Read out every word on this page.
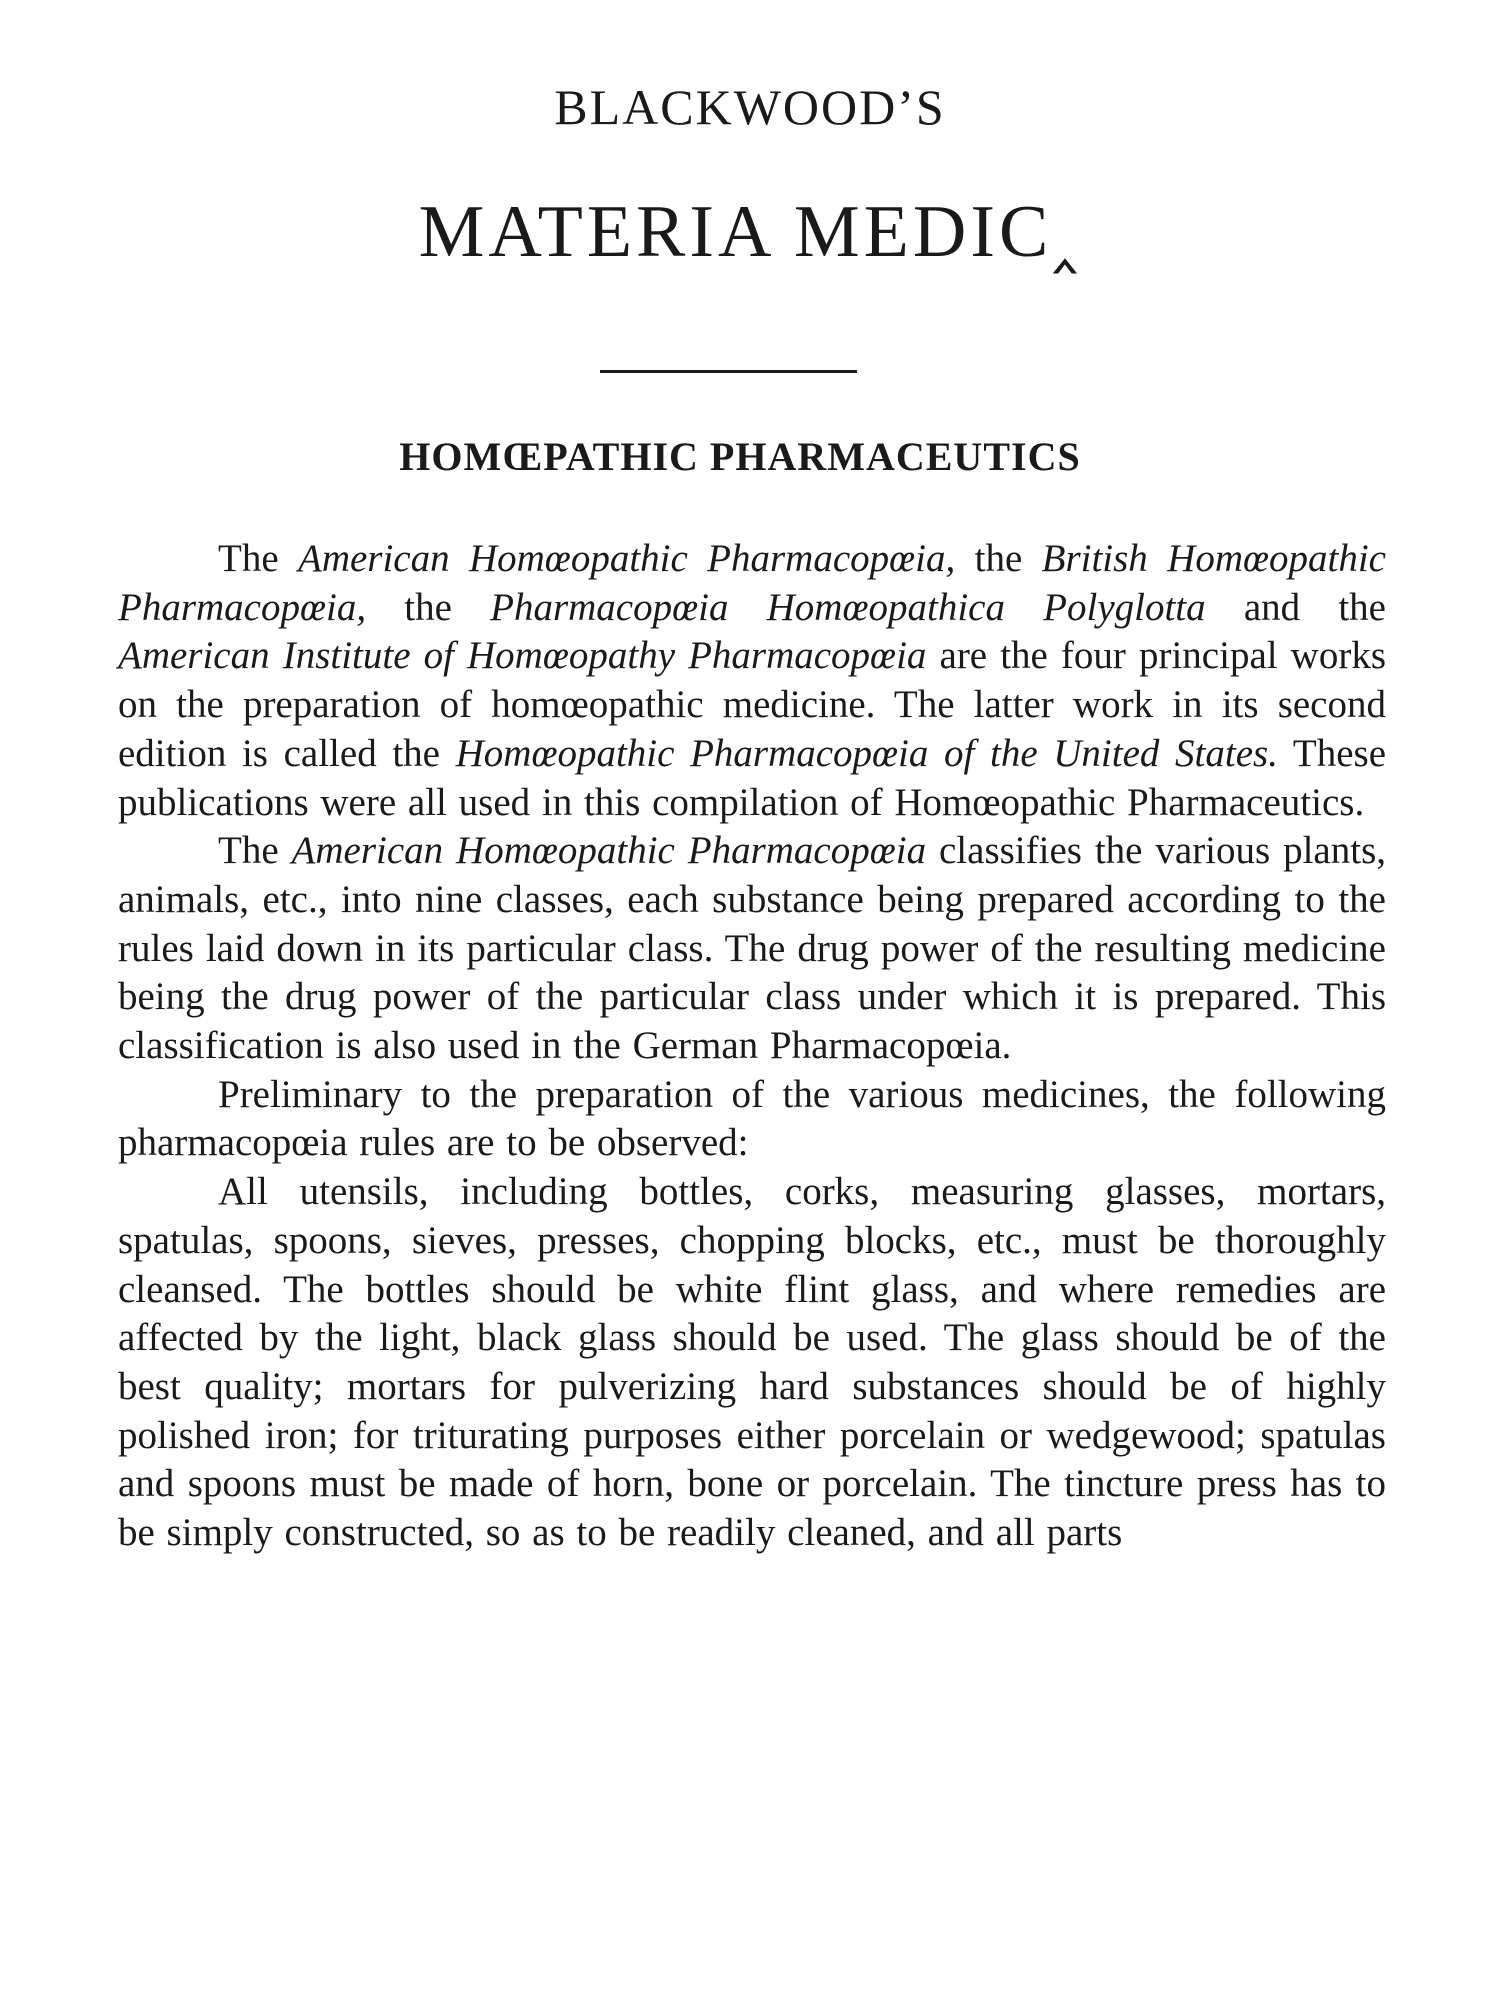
BLACKWOOD’S
MATERIA MEDIC‸
HOMŒPATHIC PHARMACEUTICS

The American Homœopathic Pharmacopœia, the British Homœopathic Pharmacopœia, the Pharmacopœia Homœopathica Polyglotta and the American Institute of Homœopathy Pharmacopœia are the four principal works on the preparation of homœopathic medicine. The latter work in its second edition is called the Homœopathic Pharmacopœia of the United States. These publications were all used in this compilation of Homœopathic Pharmaceutics.

The American Homœopathic Pharmacopœia classifies the various plants, animals, etc., into nine classes, each substance being prepared according to the rules laid down in its particular class. The drug power of the resulting medicine being the drug power of the particular class under which it is prepared. This classification is also used in the German Pharmacopœia.

Preliminary to the preparation of the various medicines, the following pharmacopœia rules are to be observed:

All utensils, including bottles, corks, measuring glasses, mortars, spatulas, spoons, sieves, presses, chopping blocks, etc., must be thoroughly cleansed. The bottles should be white flint glass, and where remedies are affected by the light, black glass should be used. The glass should be of the best quality; mortars for pulverizing hard substances should be of highly polished iron; for triturating purposes either porcelain or wedgewood; spatulas and spoons must be made of horn, bone or porcelain. The tincture press has to be simply constructed, so as to be readily cleaned, and all parts
